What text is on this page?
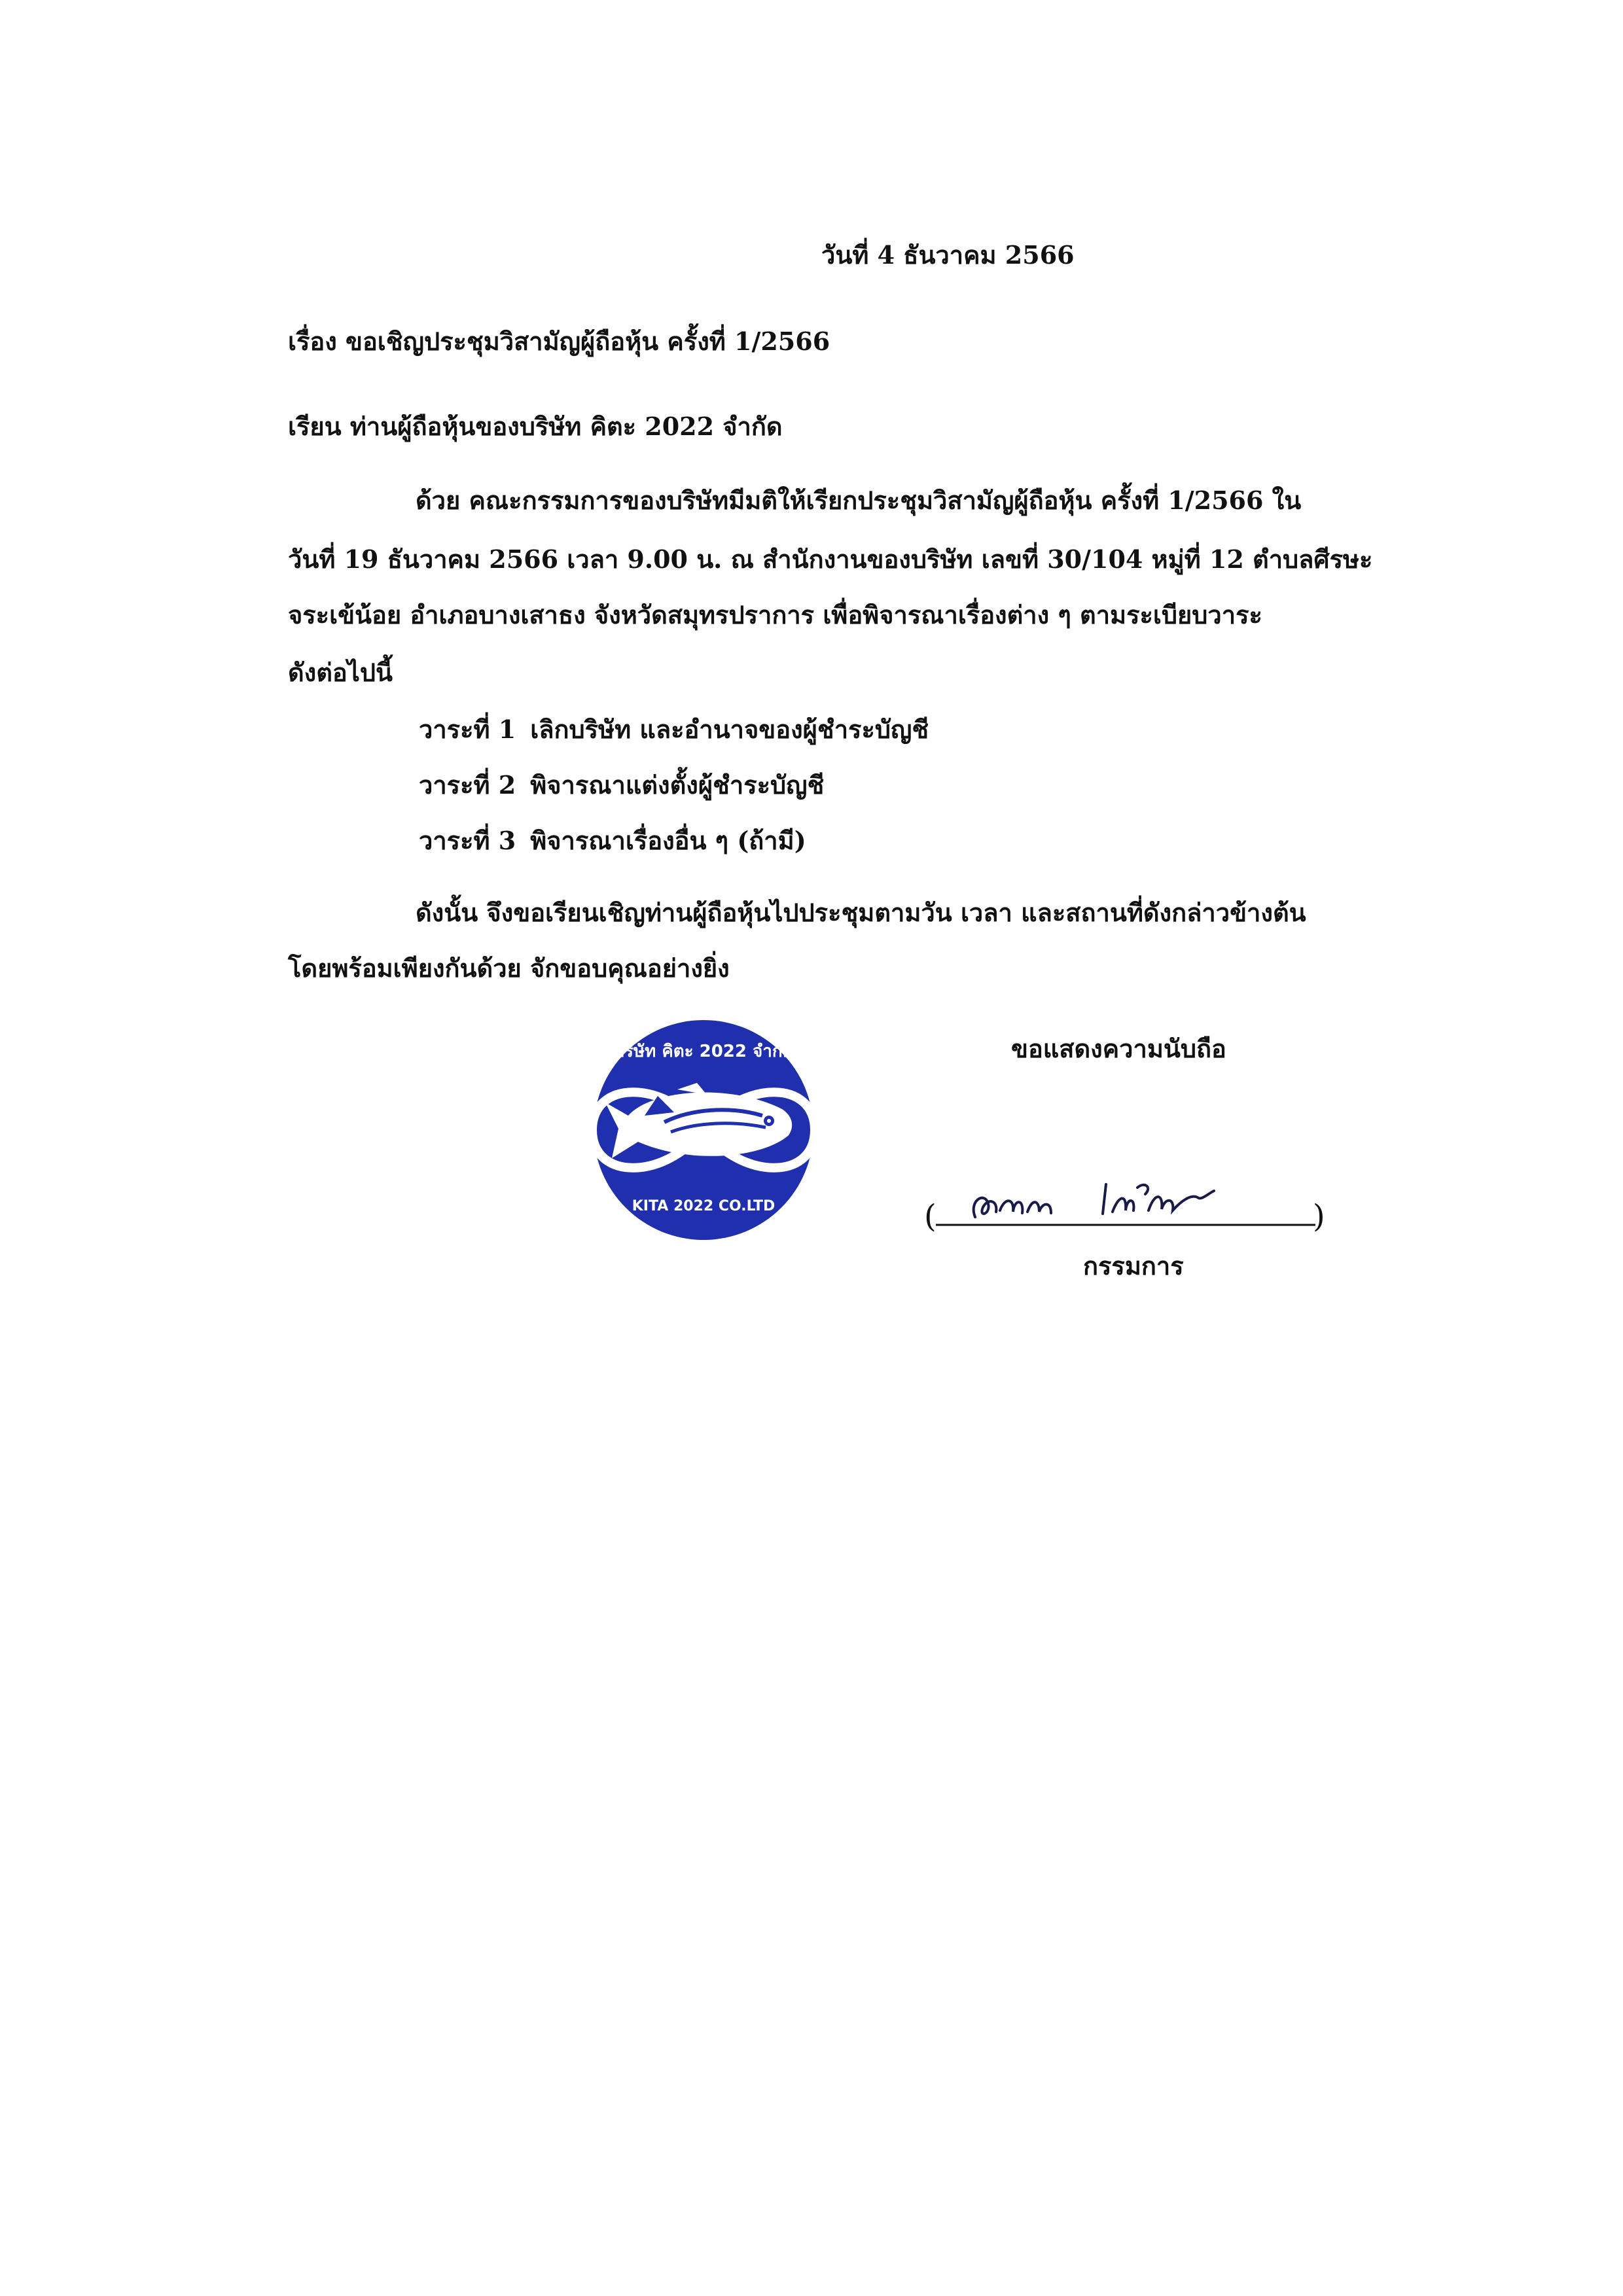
วันที่ 4 ธันวาคม 2566
เรื่อง ขอเชิญประชุมวิสามัญผู้ถือหุ้น ครั้งที่ 1/2566
เรียน ท่านผู้ถือหุ้นของบริษัท คิตะ 2022 จำกัด
ด้วย คณะกรรมการของบริษัทมีมติให้เรียกประชุมวิสามัญผู้ถือหุ้น ครั้งที่ 1/2566 ใน
วันที่ 19 ธันวาคม 2566 เวลา 9.00 น. ณ สำนักงานของบริษัท เลขที่ 30/104 หมู่ที่ 12 ตำบลศีรษะ
จระเข้น้อย อำเภอบางเสาธง จังหวัดสมุทรปราการ เพื่อพิจารณาเรื่องต่าง ๆ ตามระเบียบวาระ
ดังต่อไปนี้
วาระที่ 1 เลิกบริษัท และอำนาจของผู้ชำระบัญชี
วาระที่ 2 พิจารณาแต่งตั้งผู้ชำระบัญชี
วาระที่ 3 พิจารณาเรื่องอื่น ๆ (ถ้ามี)
ดังนั้น จึงขอเรียนเชิญท่านผู้ถือหุ้นไปประชุมตามวัน เวลา และสถานที่ดังกล่าวข้างต้น
โดยพร้อมเพียงกันด้วย จักขอบคุณอย่างยิ่ง
ขอแสดงความนับถือ
บริษัท คิตะ 2022 จำกัด
KITA 2022 CO.LTD	(	)
กรรมการ
